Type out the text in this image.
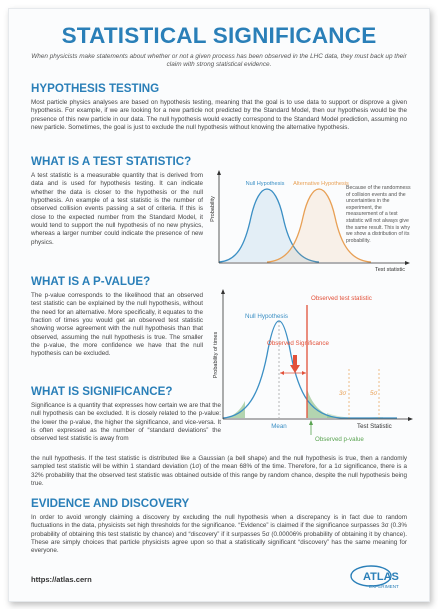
STATISTICAL SIGNIFICANCE

When physicists make statements about whether or not a given process has been observed in the LHC data, they must back up their claim with strong statistical evidence.

HYPOTHESIS TESTING

Most particle physics analyses are based on hypothesis testing, meaning that the goal is to use data to support or disprove a given hypothesis. For example, if we are looking for a new particle not predicted by the Standard Model, then our hypothesis would be the presence of this new particle in our data. The null hypothesis would exactly correspond to the Standard Model prediction, assuming no new particle. Sometimes, the goal is just to exclude the null hypothesis without knowing the alternative hypothesis.

WHAT IS A TEST STATISTIC?

A test statistic is a measurable quantity that is derived from data and is used for hypothesis testing. It can indicate whether the data is closer to the hypothesis or the null hypothesis. An example of a test statistic is the number of observed collision events passing a set of criteria. If this is close to the expected number from the Standard Model, it would tend to support the null hypothesis of no new physics, whereas a larger number could indicate the presence of new physics.

Probability
Test statistic
Null Hypothesis Alternative Hypothesis

Because of the randomness of collision events and the uncertainties in the experiment, the measurement of a test statistic will not always give the same result. This is why we show a distribution of its probability.

WHAT IS A P-VALUE?

The p-value corresponds to the likelihood that an observed test statistic can be explained by the null hypothesis, without the need for an alternative. More specifically, it equates to the fraction of times you would get an observed test statistic showing worse agreement with the null hypothesis than that observed, assuming the null hypothesis is true. The smaller the p-value, the more confidence we have that the null hypothesis can be excluded.	Probability of times
Test Statistic
Observed test statistic
Null Hypothesis
Observed Significance
Mean
3σ	5σ
Observed p-value
WHAT IS SIGNIFICANCE?

Significance is a quantity that expresses how certain we are that the null hypothesis can be excluded. It is closely related to the p-value: the lower the p-value, the higher the significance, and vice-versa. It is often expressed as the number of “standard deviations” the observed test statistic is away from

the null hypothesis. If the test statistic is distributed like a Gaussian (a bell shape) and the null hypothesis is true, then a randomly sampled test statistic will be within 1 standard deviation (1σ) of the mean 68% of the time. Therefore, for a 1σ significance, there is a 32% probability that the observed test statistic was obtained outside of this range by random chance, despite the null hypothesis being true.

EVIDENCE AND DISCOVERY

In order to avoid wrongly claiming a discovery by excluding the null hypothesis when a discrepancy is in fact due to random fluctuations in the data, physicists set high thresholds for the significance. “Evidence” is claimed if the significance surpasses 3σ (0.3% probability of obtaining this test statistic by chance) and “discovery” if it surpasses 5σ (0.00006% probability of obtaining it by chance). These are simply choices that particle physicists agree upon so that a statistically significant “discovery” has the same meaning for everyone.

https://atlas.cern	ATLAS
EXPERIMENT
